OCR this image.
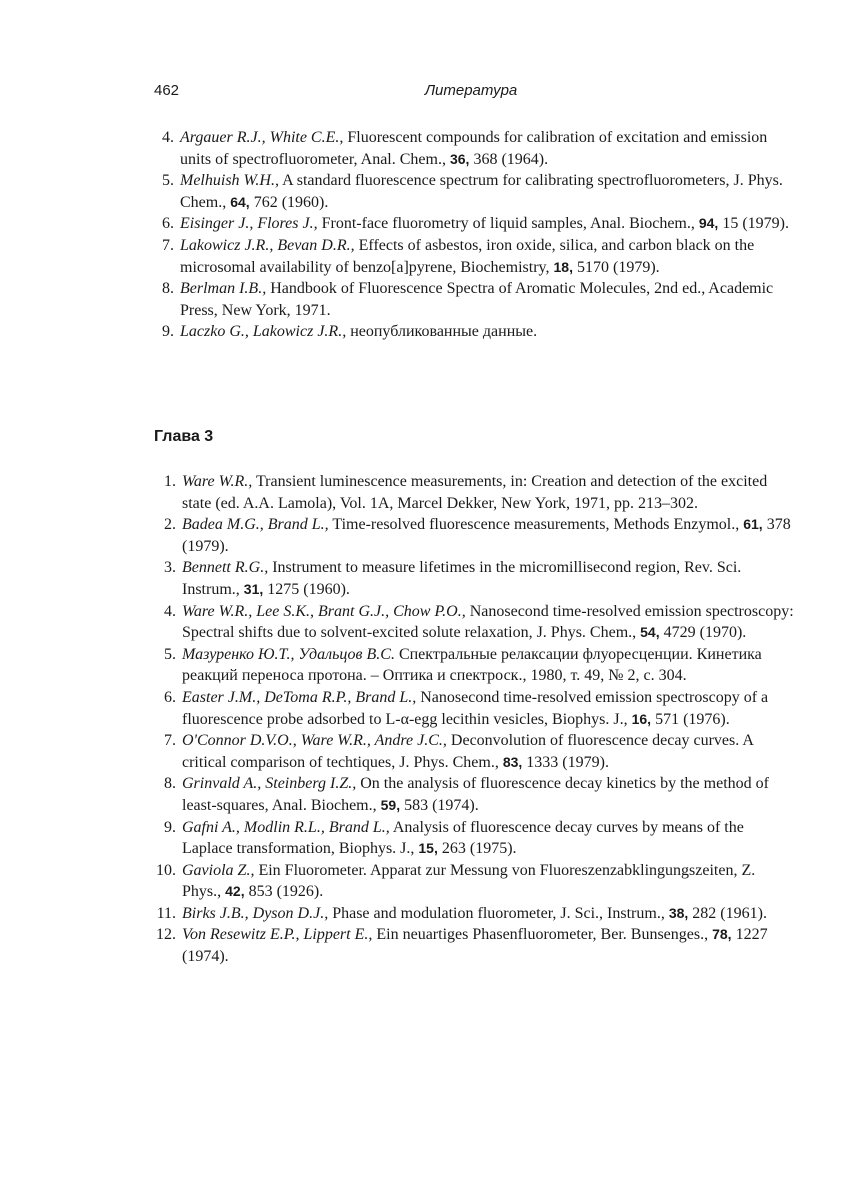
462	Литература
4. Argauer R.J., White C.E., Fluorescent compounds for calibration of excitation and emission units of spectrofluorometer, Anal. Chem., 36, 368 (1964).
5. Melhuish W.H., A standard fluorescence spectrum for calibrating spectrofluorometers, J. Phys. Chem., 64, 762 (1960).
6. Eisinger J., Flores J., Front-face fluorometry of liquid samples, Anal. Biochem., 94, 15 (1979).
7. Lakowicz J.R., Bevan D.R., Effects of asbestos, iron oxide, silica, and carbon black on the microsomal availability of benzo[a]pyrene, Biochemistry, 18, 5170 (1979).
8. Berlman I.B., Handbook of Fluorescence Spectra of Aromatic Molecules, 2nd ed., Academic Press, New York, 1971.
9. Laczko G., Lakowicz J.R., неопубликованные данные.
Глава 3
1. Ware W.R., Transient luminescence measurements, in: Creation and detection of the excited state (ed. A.A. Lamola), Vol. 1A, Marcel Dekker, New York, 1971, pp. 213–302.
2. Badea M.G., Brand L., Time-resolved fluorescence measurements, Methods Enzymol., 61, 378 (1979).
3. Bennett R.G., Instrument to measure lifetimes in the micromillisecond region, Rev. Sci. Instrum., 31, 1275 (1960).
4. Ware W.R., Lee S.K., Brant G.J., Chow P.O., Nanosecond time-resolved emission spectroscopy: Spectral shifts due to solvent-excited solute relaxation, J. Phys. Chem., 54, 4729 (1970).
5. Мазуренко Ю.Т., Удальцов В.С. Спектральные релаксации флуоресценции. Кинетика реакций переноса протона. – Оптика и спектроск., 1980, т. 49, № 2, с. 304.
6. Easter J.M., DeToma R.P., Brand L., Nanosecond time-resolved emission spectroscopy of a fluorescence probe adsorbed to L-α-egg lecithin vesicles, Biophys. J., 16, 571 (1976).
7. O'Connor D.V.O., Ware W.R., Andre J.C., Deconvolution of fluorescence decay curves. A critical comparison of techtiques, J. Phys. Chem., 83, 1333 (1979).
8. Grinvald A., Steinberg I.Z., On the analysis of fluorescence decay kinetics by the method of least-squares, Anal. Biochem., 59, 583 (1974).
9. Gafni A., Modlin R.L., Brand L., Analysis of fluorescence decay curves by means of the Laplace transformation, Biophys. J., 15, 263 (1975).
10. Gaviola Z., Ein Fluorometer. Apparat zur Messung von Fluoreszenzabklingungszeiten, Z. Phys., 42, 853 (1926).
11. Birks J.B., Dyson D.J., Phase and modulation fluorometer, J. Sci., Instrum., 38, 282 (1961).
12. Von Resewitz E.P., Lippert E., Ein neuartiges Phasenfluorometer, Ber. Bunsenges., 78, 1227 (1974).
